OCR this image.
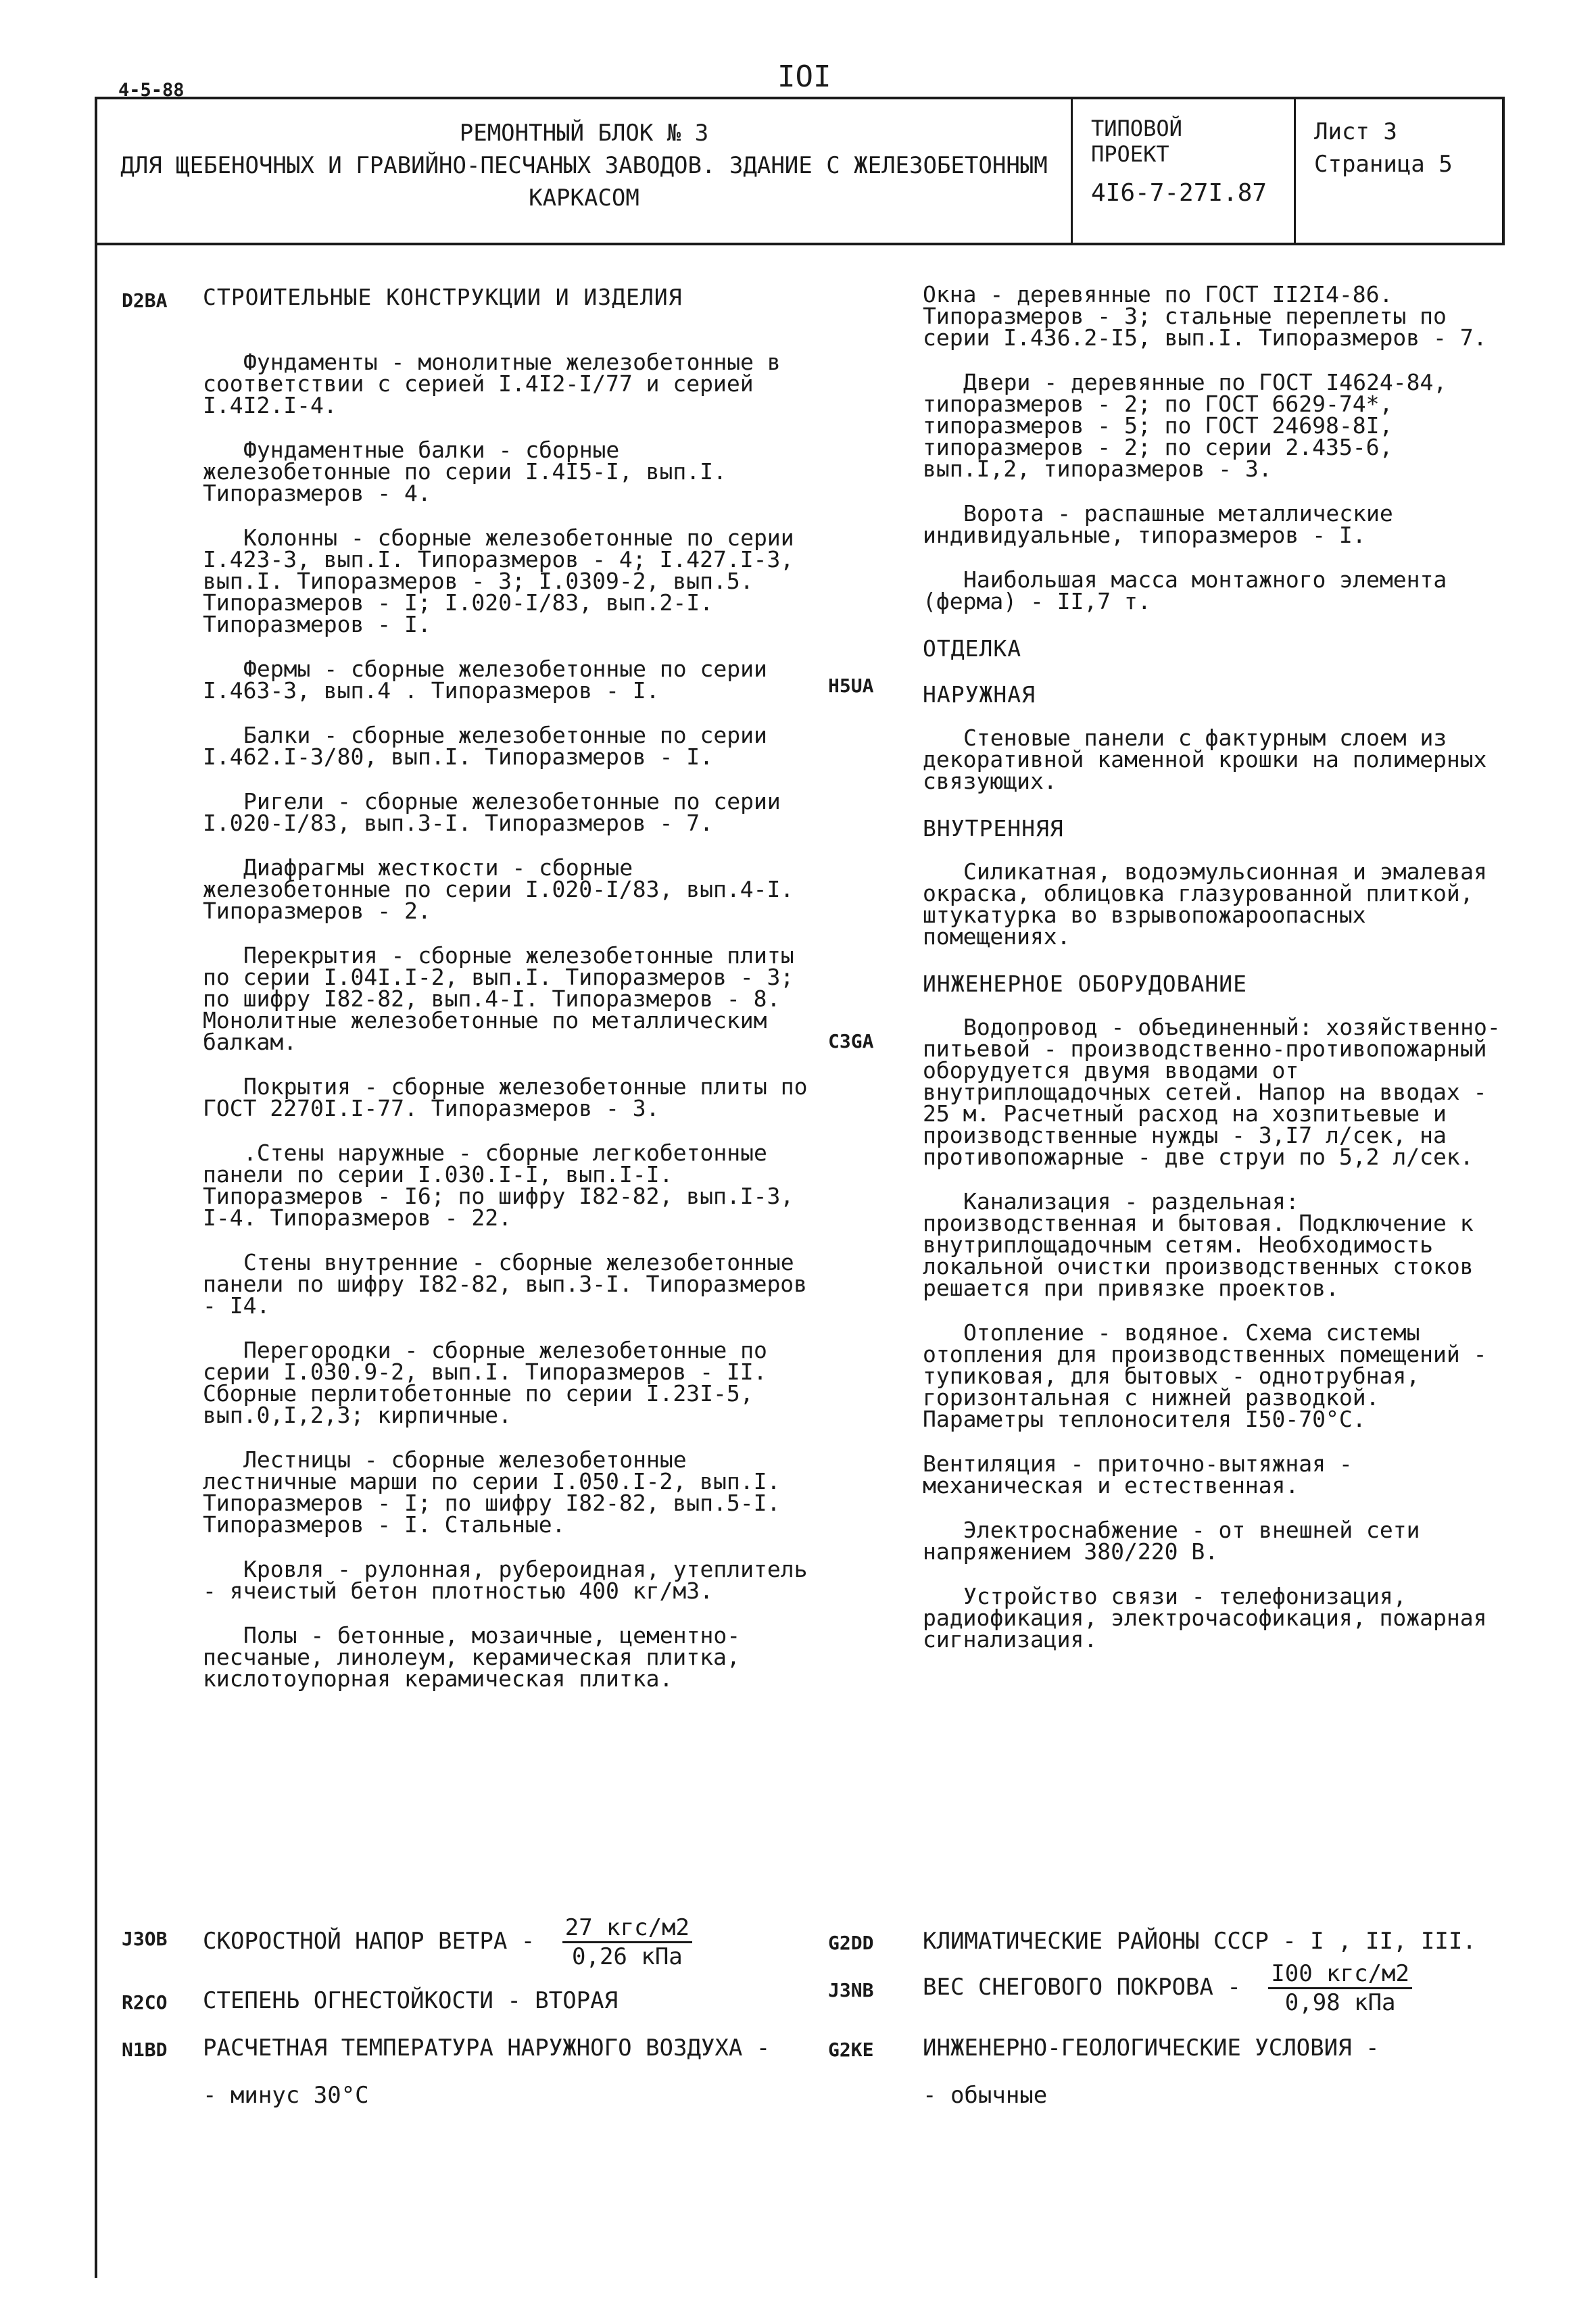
4-5-88	IOI
РЕМОНТНЫЙ БЛОК № 3
ДЛЯ ЩЕБЕНОЧНЫХ И ГРАВИЙНО-ПЕСЧАНЫХ ЗАВОДОВ. ЗДАНИЕ С ЖЕЛЕЗОБЕТОННЫМ
КАРКАСОМ
ТИПОВОЙ
ПРОЕКТ
4I6-7-27I.87
Лист 3
Страница 5
D2BA СТРОИТЕЛЬНЫЕ КОНСТРУКЦИИ И ИЗДЕЛИЯ

Фундаменты - монолитные железобетонные в соответствии с серией I.4I2-I/77 и серией I.4I2.I-4.

Фундаментные балки - сборные железобетонные по серии I.4I5-I, вып.I. Типоразмеров - 4.

Колонны - сборные железобетонные по серии I.423-3, вып.I. Типоразмеров - 4; I.427.I-3, вып.I. Типоразмеров - 3; I.0309-2, вып.5. Типоразмеров - I; I.020-I/83, вып.2-I. Типоразмеров - I.

Фермы - сборные железобетонные по серии I.463-3, вып.4 . Типоразмеров - I.

Балки - сборные железобетонные по серии I.462.I-3/80, вып.I. Типоразмеров - I.

Ригели - сборные железобетонные по серии I.020-I/83, вып.3-I. Типоразмеров - 7.

Диафрагмы жесткости - сборные железобетонные по серии I.020-I/83, вып.4-I. Типоразмеров - 2.

Перекрытия - сборные железобетонные плиты по серии I.04I.I-2, вып.I. Типоразмеров - 3; по шифру I82-82, вып.4-I. Типоразмеров - 8. Монолитные железобетонные по металлическим балкам.

Покрытия - сборные железобетонные плиты по ГОСТ 2270I.I-77. Типоразмеров - 3.

.Стены наружные - сборные легкобетонные панели по серии I.030.I-I, вып.I-I. Типоразмеров - I6; по шифру I82-82, вып.I-3, I-4. Типоразмеров - 22.

Стены внутренние - сборные железобетонные панели по шифру I82-82, вып.3-I. Типоразмеров - I4.

Перегородки - сборные железобетонные по серии I.030.9-2, вып.I. Типоразмеров - II. Сборные перлитобетонные по серии I.23I-5, вып.0,I,2,3; кирпичные.

Лестницы - сборные железобетонные лестничные марши по серии I.050.I-2, вып.I. Типоразмеров - I; по шифру I82-82, вып.5-I. Типоразмеров - I. Стальные.

Кровля - рулонная, рубероидная, утеплитель - ячеистый бетон плотностью 400 кг/м3.

Полы - бетонные, мозаичные, цементно-песчаные, линолеум, керамическая плитка, кислотоупорная керамическая плитка.

Окна - деревянные по ГОСТ II2I4-86. Типоразмеров - 3; стальные переплеты по серии I.436.2-I5, вып.I. Типоразмеров - 7.

Двери - деревянные по ГОСТ I4624-84, типоразмеров - 2; по ГОСТ 6629-74*, типоразмеров - 5; по ГОСТ 24698-8I, типоразмеров - 2; по серии 2.435-6, вып.I,2, типоразмеров - 3.

Ворота - распашные металлические индивидуальные, типоразмеров - I.

Наибольшая масса монтажного элемента (ферма) - II,7 т.

ОТДЕЛКА
НАРУЖНАЯ

Стеновые панели с фактурным слоем из декоративной каменной крошки на полимерных связующих.

ВНУТРЕННЯЯ

Силикатная, водоэмульсионная и эмалевая окраска, облицовка глазурованной плиткой, штукатурка во взрывопожароопасных помещениях.

ИНЖЕНЕРНОЕ ОБОРУДОВАНИЕ

Водопровод - объединенный: хозяйственно-питьевой - производственно-противопожарный оборудуется двумя вводами от внутриплощадочных сетей. Напор на вводах - 25 м. Расчетный расход на хозпитьевые и производственные нужды - 3,I7 л/сек, на противопожарные - две струи по 5,2 л/сек.

Канализация - раздельная: производственная и бытовая. Подключение к внутриплощадочным сетям. Необходимость локальной очистки производственных стоков решается при привязке проектов.

Отопление - водяное. Схема системы отопления для производственных помещений - тупиковая, для бытовых - однотрубная, горизонтальная с нижней разводкой. Параметры теплоносителя I50-70°С.

Вентиляция - приточно-вытяжная - механическая и естественная.

Электроснабжение - от внешней сети напряжением 380/220 В.

Устройство связи - телефонизация, радиофикация, электрочасофикация, пожарная сигнализация.

H5UA
C3GA
J3OB СКОРОСТНОЙ НАПОР ВЕТРА - $\frac{\text{27 кгс/м2}}{\text{0,26 кПа}}$
R2CO СТЕПЕНЬ ОГНЕСТОЙКОСТИ - ВТОРАЯ
N1BD РАСЧЕТНАЯ ТЕМПЕРАТУРА НАРУЖНОГО ВОЗДУХА -
- минус 30°С
G2DD КЛИМАТИЧЕСКИЕ РАЙОНЫ СССР - I , II, III.
J3NB ВЕС СНЕГОВОГО ПОКРОВА - $\frac{\text{I00 кгс/м2}}{\text{0,98 кПа}}$
G2KE ИНЖЕНЕРНО-ГЕОЛОГИЧЕСКИЕ УСЛОВИЯ -
- обычные
